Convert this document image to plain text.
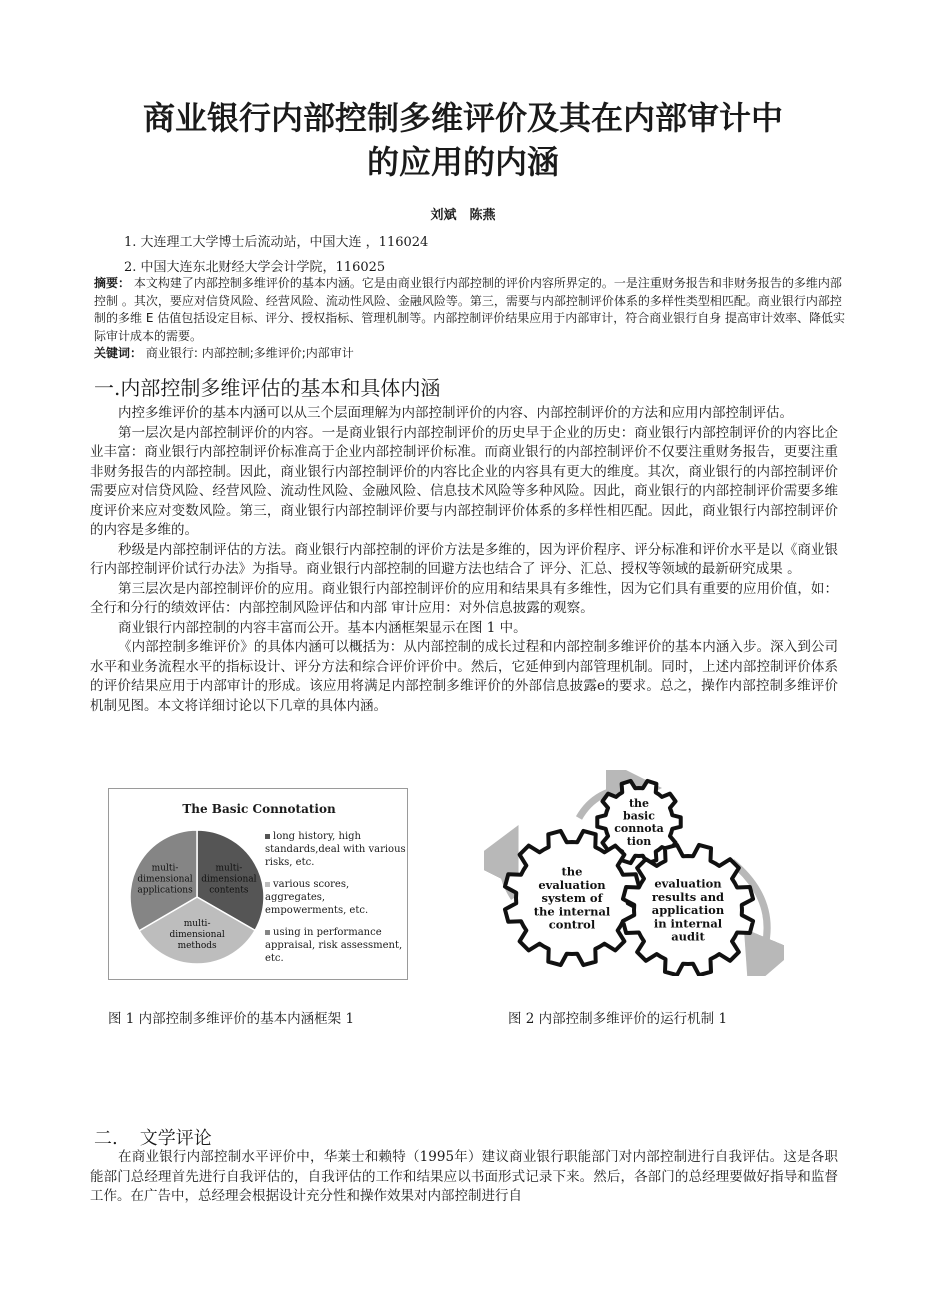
商业银行内部控制多维评价及其在内部审计中
的应用的内涵
刘斌　陈燕
1. 大连理工大学博士后流动站，中国大连 ，116024
2. 中国大连东北财经大学会计学院，116025
摘要： 本文构建了内部控制多维评价的基本内涵。它是由商业银行内部控制的评价内容所界定的。一是注重财务报告和非财务报告的多维内部控制 。其次，要应对信贷风险、经营风险、流动性风险、金融风险等。第三，需要与内部控制评价体系的多样性类型相匹配。商业银行内部控制的多维 E 估值包括设定目标、评分、授权指标、管理机制等。内部控制评价结果应用于内部审计，符合商业银行自身 提高审计效率、降低实际审计成本的需要。
关键词： 商业银行: 内部控制;多维评价;内部审计
一.内部控制多维评估的基本和具体内涵

内控多维评价的基本内涵可以从三个层面理解为内部控制评价的内容、内部控制评价的方法和应用内部控制评估。

第一层次是内部控制评价的内容。一是商业银行内部控制评价的历史早于企业的历史：商业银行内部控制评价的内容比企业丰富：商业银行内部控制评价标准高于企业内部控制评价标准。而商业银行的内部控制评价不仅要注重财务报告，更要注重非财务报告的内部控制。因此，商业银行内部控制评价的内容比企业的内容具有更大的维度。其次，商业银行的内部控制评价需要应对信贷风险、经营风险、流动性风险、金融风险、信息技术风险等多种风险。因此，商业银行的内部控制评价需要多维度评价来应对变数风险。第三，商业银行内部控制评价要与内部控制评价体系的多样性相匹配。因此，商业银行内部控制评价的内容是多维的。

秒级是内部控制评估的方法。商业银行内部控制的评价方法是多维的，因为评价程序、评分标准和评价水平是以《商业银行内部控制评价试行办法》为指导。商业银行内部控制的回避方法也结合了 评分、汇总、授权等领域的最新研究成果 。

第三层次是内部控制评价的应用。商业银行内部控制评价的应用和结果具有多维性，因为它们具有重要的应用价值，如：全行和分行的绩效评估：内部控制风险评估和内部 审计应用：对外信息披露的观察。

商业银行内部控制的内容丰富而公开。基本内涵框架显示在图 1 中。

《内部控制多维评价》的具体内涵可以概括为：从内部控制的成长过程和内部控制多维评价的基本内涵入步。深入到公司水平和业务流程水平的指标设计、评分方法和综合评价评价中。然后，它延伸到内部管理机制。同时，上述内部控制评价体系的评价结果应用于内部审计的形成。该应用将满足内部控制多维评价的外部信息披露e的要求。总之，操作内部控制多维评价机制见图。本文将详细讨论以下几章的具体内涵。

The Basic Connotation
multi-dimensional contents
multi-dimensional methods
multi-dimensional applications
long history, high standards,deal with various risks, etc.
various scores, aggregates, empowerments, etc.
using in performance appraisal, risk assessment, etc.
the basic connota tion
the evaluation system of the internal control
evaluation results and application in internal audit
图 1 内部控制多维评价的基本内涵框架 1	图 2 内部控制多维评价的运行机制 1
二. 文学评论

在商业银行内部控制水平评价中，华莱士和赖特（1995年）建议商业银行职能部门对内部控制进行自我评估。这是各职能部门总经理首先进行自我评估的，自我评估的工作和结果应以书面形式记录下来。然后，各部门的总经理要做好指导和监督工作。在广告中，总经理会根据设计充分性和操作效果对内部控制进行自
